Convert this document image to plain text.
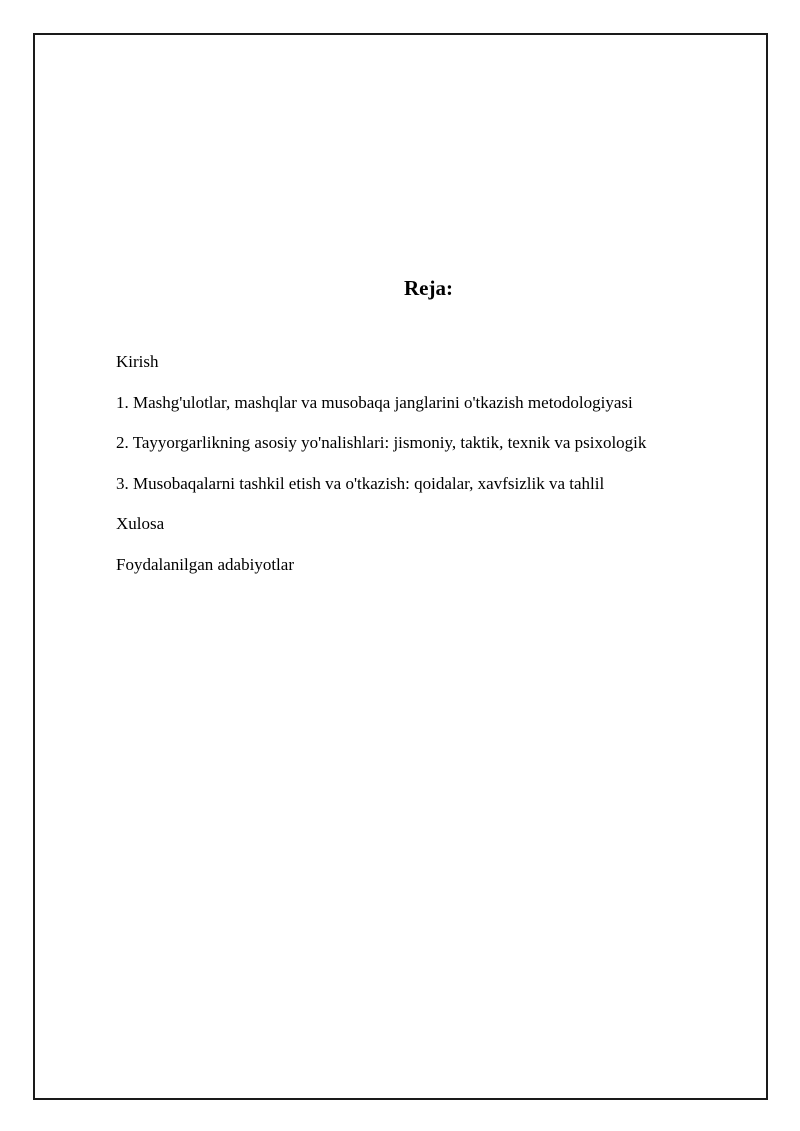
Reja:
Kirish
1. Mashg'ulotlar, mashqlar va musobaqa janglarini o'tkazish metodologiyasi
2. Tayyorgarlikning asosiy yo'nalishlari: jismoniy, taktik, texnik va psixologik
3. Musobaqalarni tashkil etish va o'tkazish: qoidalar, xavfsizlik va tahlil
Xulosa
Foydalanilgan adabiyotlar
